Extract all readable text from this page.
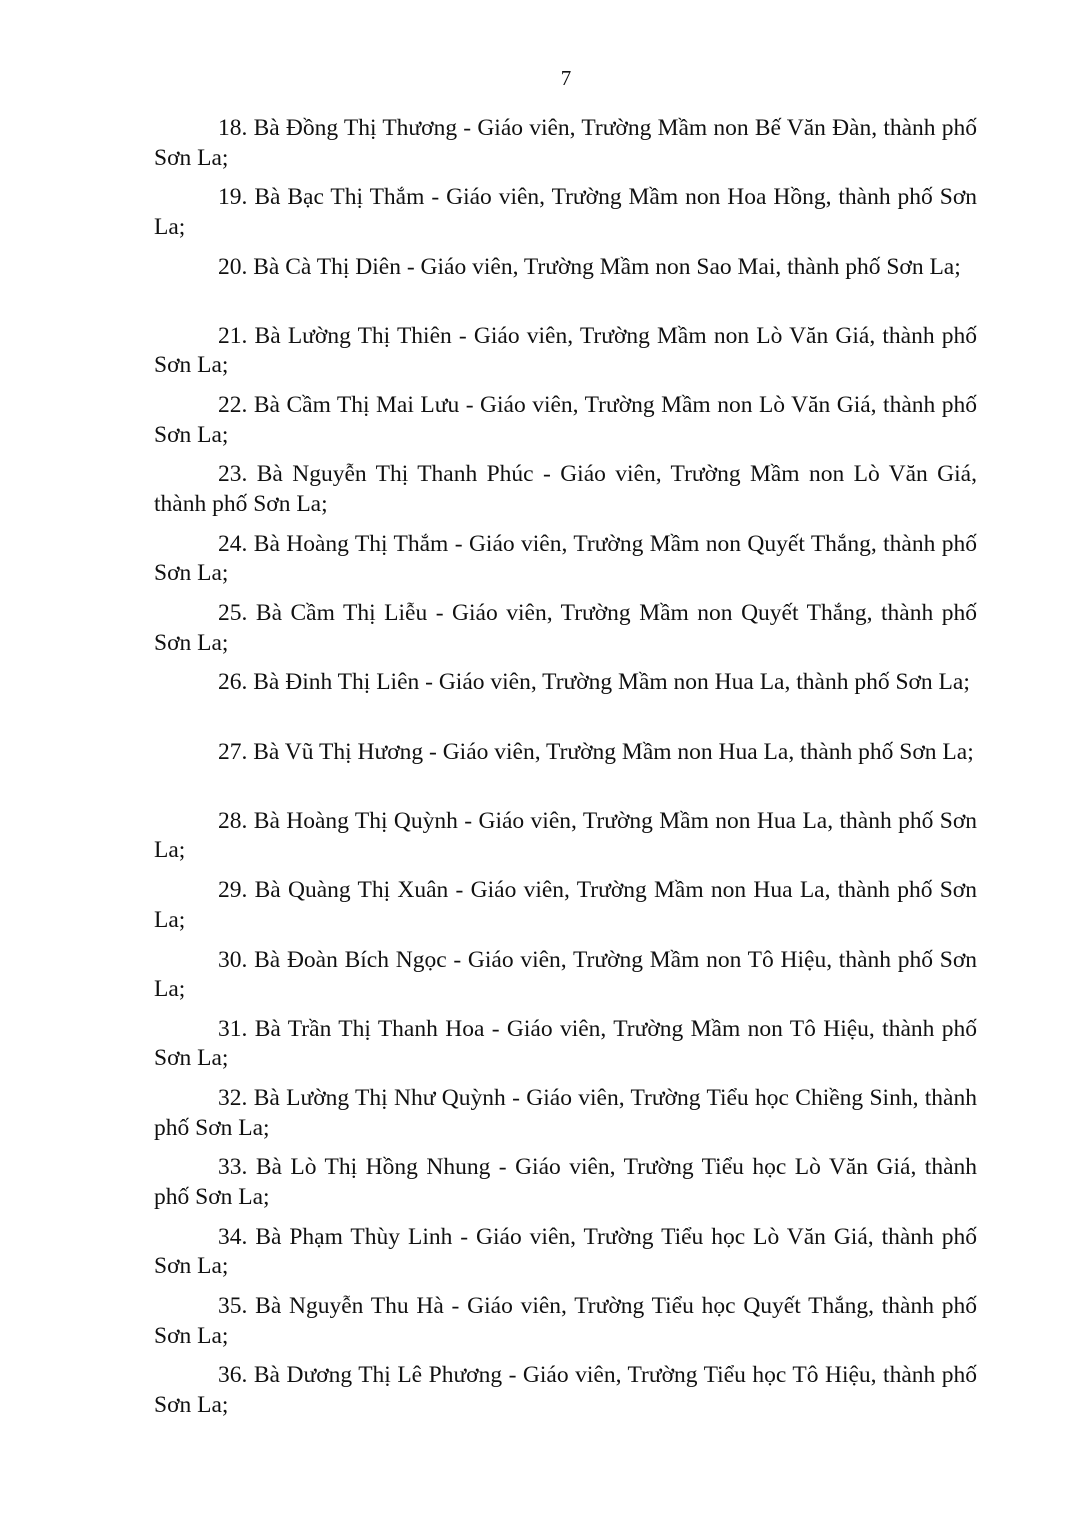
7

18. Bà Đồng Thị Thương - Giáo viên, Trường Mầm non Bế Văn Đàn, thành phố Sơn La;

19. Bà Bạc Thị Thắm - Giáo viên, Trường Mầm non Hoa Hồng, thành phố Sơn La;

20. Bà Cà Thị Diên - Giáo viên, Trường Mầm non Sao Mai, thành phố Sơn La;

21. Bà Lường Thị Thiên - Giáo viên, Trường Mầm non Lò Văn Giá, thành phố Sơn La;

22. Bà Cầm Thị Mai Lưu - Giáo viên, Trường Mầm non Lò Văn Giá, thành phố Sơn La;

23. Bà Nguyễn Thị Thanh Phúc - Giáo viên, Trường Mầm non Lò Văn Giá, thành phố Sơn La;

24. Bà Hoàng Thị Thắm - Giáo viên, Trường Mầm non Quyết Thắng, thành phố Sơn La;

25. Bà Cầm Thị Liễu - Giáo viên, Trường Mầm non Quyết Thắng, thành phố Sơn La;

26. Bà Đinh Thị Liên - Giáo viên, Trường Mầm non Hua La, thành phố Sơn La;

27. Bà Vũ Thị Hương - Giáo viên, Trường Mầm non Hua La, thành phố Sơn La;

28. Bà Hoàng Thị Quỳnh - Giáo viên, Trường Mầm non Hua La, thành phố Sơn La;

29. Bà Quàng Thị Xuân - Giáo viên, Trường Mầm non Hua La, thành phố Sơn La;

30. Bà Đoàn Bích Ngọc - Giáo viên, Trường Mầm non Tô Hiệu, thành phố Sơn La;

31. Bà Trần Thị Thanh Hoa - Giáo viên, Trường Mầm non Tô Hiệu, thành phố Sơn La;

32. Bà Lường Thị Như Quỳnh - Giáo viên, Trường Tiểu học Chiềng Sinh, thành phố Sơn La;

33. Bà Lò Thị Hồng Nhung - Giáo viên, Trường Tiểu học Lò Văn Giá, thành phố Sơn La;

34. Bà Phạm Thùy Linh - Giáo viên, Trường Tiểu học Lò Văn Giá, thành phố Sơn La;

35. Bà Nguyễn Thu Hà - Giáo viên, Trường Tiểu học Quyết Thắng, thành phố Sơn La;

36. Bà Dương Thị Lê Phương - Giáo viên, Trường Tiểu học Tô Hiệu, thành phố Sơn La;
